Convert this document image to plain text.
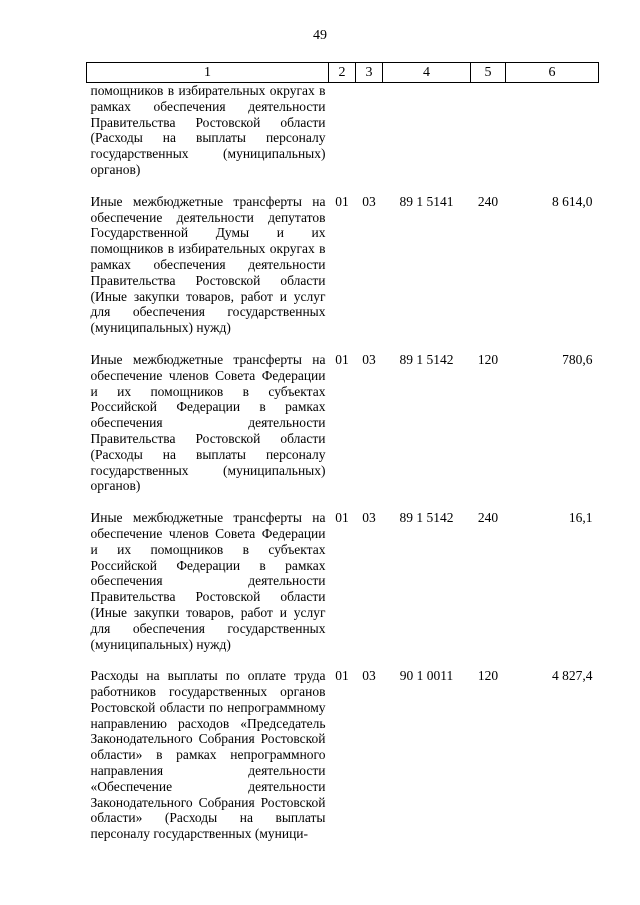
49
1	2	3	4	5	6
помощников в избирательных округах в рамках обеспечения деятельности Правительства Ростовской области (Расходы на выплаты персоналу государственных (муниципальных) органов)					
Иные межбюджетные трансферты на обеспечение деятельности депутатов Государственной Думы и их помощников в избирательных округах в рамках обеспечения деятельности Правительства Ростовской области (Иные закупки товаров, работ и услуг для обеспечения государственных (муниципальных) нужд)	01	03	89 1 5141	240	8 614,0
Иные межбюджетные трансферты на обеспечение членов Совета Федерации и их помощников в субъектах Российской Федерации в рамках обеспечения деятельности Правительства Ростовской области (Расходы на выплаты персоналу государственных (муниципальных) органов)	01	03	89 1 5142	120	780,6
Иные межбюджетные трансферты на обеспечение членов Совета Федерации и их помощников в субъектах Российской Федерации в рамках обеспечения деятельности Правительства Ростовской области (Иные закупки товаров, работ и услуг для обеспечения государственных (муниципальных) нужд)	01	03	89 1 5142	240	16,1
Расходы на выплаты по оплате труда работников государственных органов Ростовской области по непрограммному направлению расходов «Председатель Законодательного Собрания Ростовской области» в рамках непрограммного направления деятельности «Обеспечение деятельности Законодательного Собрания Ростовской области» (Расходы на выплаты персоналу государственных (муници-	01	03	90 1 0011	120	4 827,4
